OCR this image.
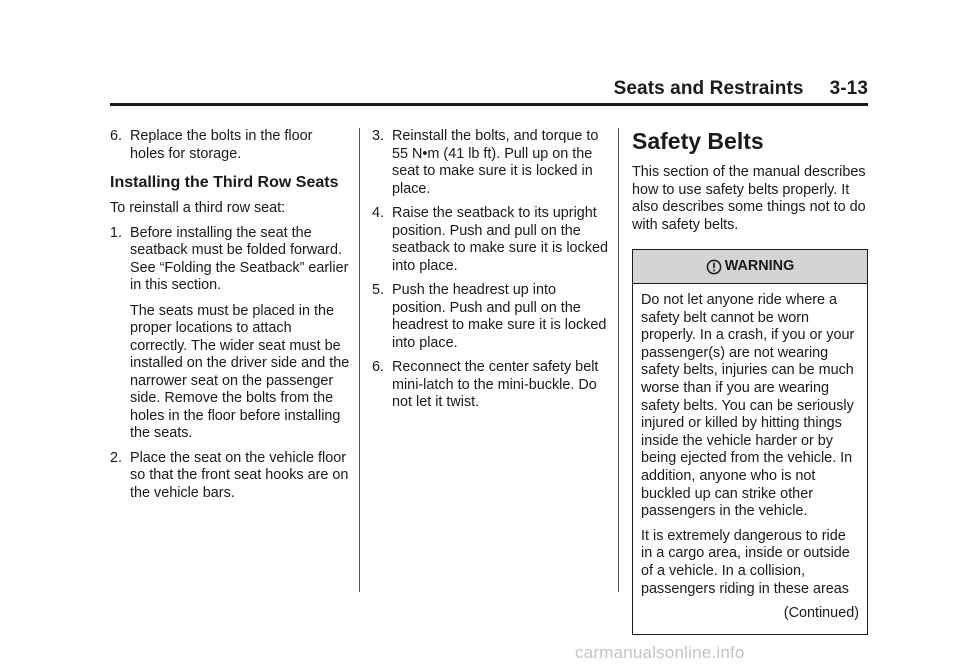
Seats and Restraints 3-13
6. Replace the bolts in the floor holes for storage.

Installing the Third Row Seats

To reinstall a third row seat:

1. Before installing the seat the seatback must be folded forward. See “Folding the Seatback” earlier in this section.

The seats must be placed in the proper locations to attach correctly. The wider seat must be installed on the driver side and the narrower seat on the passenger side. Remove the bolts from the holes in the floor before installing the seats.

2. Place the seat on the vehicle floor so that the front seat hooks are on the vehicle bars.

3. Reinstall the bolts, and torque to 55 N•m (41 lb ft). Pull up on the seat to make sure it is locked in place.

4. Raise the seatback to its upright position. Push and pull on the seatback to make sure it is locked into place.

5. Push the headrest up into position. Push and pull on the headrest to make sure it is locked into place.

6. Reconnect the center safety belt mini-latch to the mini-buckle. Do not let it twist.

Safety Belts

This section of the manual describes how to use safety belts properly. It also describes some things not to do with safety belts.

WARNING

Do not let anyone ride where a safety belt cannot be worn properly. In a crash, if you or your passenger(s) are not wearing safety belts, injuries can be much worse than if you are wearing safety belts. You can be seriously injured or killed by hitting things inside the vehicle harder or by being ejected from the vehicle. In addition, anyone who is not buckled up can strike other passengers in the vehicle.

It is extremely dangerous to ride in a cargo area, inside or outside of a vehicle. In a collision, passengers riding in these areas

(Continued)

carmanualsonline.info
